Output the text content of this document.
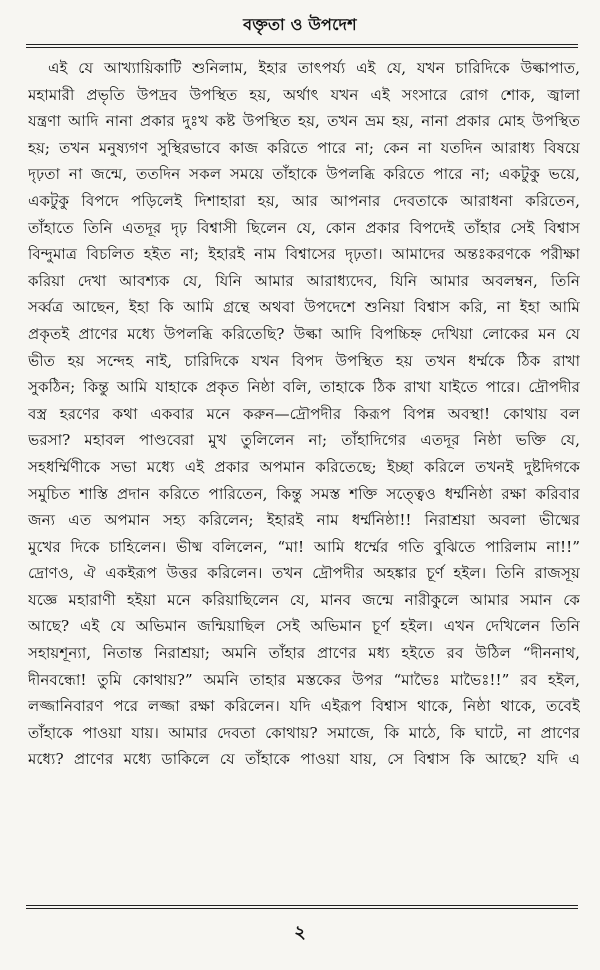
বক্তৃতা ও উপদেশ
এই যে আখ্যায়িকাটি শুনিলাম, ইহার তাৎপর্য্য এই যে, যখন চারিদিকে উল্কাপাত,
মহামারী প্রভৃতি উপদ্রব উপস্থিত হয়, অর্থাৎ যখন এই সংসারে রোগ শোক, জ্বালা
যন্ত্রণা আদি নানা প্রকার দুঃখ কষ্ট উপস্থিত হয়, তখন ভ্রম হয়, নানা প্রকার মোহ উপস্থিত
হয়; তখন মনুষ্যগণ সুস্থিরভাবে কাজ করিতে পারে না; কেন না যতদিন আরাধ্য বিষয়ে
দৃঢ়তা না জন্মে, ততদিন সকল সময়ে তাঁহাকে উপলব্ধি করিতে পারে না; একটুকু ভয়ে,
একটুকু বিপদে পড়িলেই দিশাহারা হয়, আর আপনার দেবতাকে আরাধনা করিতেন,
তাঁহাতে তিনি এতদূর দৃঢ় বিশ্বাসী ছিলেন যে, কোন প্রকার বিপদেই তাঁহার সেই বিশ্বাস
বিন্দুমাত্র বিচলিত হইত না; ইহারই নাম বিশ্বাসের দৃঢ়তা। আমাদের অন্তঃকরণকে পরীক্ষা
করিয়া দেখা আবশ্যক যে, যিনি আমার আরাধ্যদেব, যিনি আমার অবলম্বন, তিনি
সর্ব্বত্র আছেন, ইহা কি আমি গ্রন্থে অথবা উপদেশে শুনিয়া বিশ্বাস করি, না ইহা আমি
প্রকৃতই প্রাণের মধ্যে উপলব্ধি করিতেছি? উল্কা আদি বিপচ্চিহ্ন দেখিয়া লোকের মন যে
ভীত হয় সন্দেহ নাই, চারিদিকে যখন বিপদ উপস্থিত হয় তখন ধর্ম্মকে ঠিক রাখা
সুকঠিন; কিন্তু আমি যাহাকে প্রকৃত নিষ্ঠা বলি, তাহাকে ঠিক রাখা যাইতে পারে। দ্রৌপদীর
বস্ত্র হরণের কথা একবার মনে করুন—দ্রৌপদীর কিরূপ বিপন্ন অবস্থা! কোথায় বল
ভরসা? মহাবল পাণ্ডবেরা মুখ তুলিলেন না; তাঁহাদিগের এতদূর নিষ্ঠা ভক্তি যে,
সহধর্ম্মিণীকে সভা মধ্যে এই প্রকার অপমান করিতেছে; ইচ্ছা করিলে তখনই দুষ্টদিগকে
সমুচিত শাস্তি প্রদান করিতে পারিতেন, কিন্তু সমস্ত শক্তি সত্ত্বেও ধর্ম্মনিষ্ঠা রক্ষা করিবার
জন্য এত অপমান সহ্য করিলেন; ইহারই নাম ধর্ম্মনিষ্ঠা!! নিরাশ্রয়া অবলা ভীষ্মের
মুখের দিকে চাহিলেন। ভীষ্ম বলিলেন, “মা! আমি ধর্ম্মের গতি বুঝিতে পারিলাম না!!”
দ্রোণও, ঐ একইরূপ উত্তর করিলেন। তখন দ্রৌপদীর অহঙ্কার চূর্ণ হইল। তিনি রাজসূয়
যজ্ঞে মহারাণী হইয়া মনে করিয়াছিলেন যে, মানব জন্মে নারীকুলে আমার সমান কে
আছে? এই যে অভিমান জন্মিয়াছিল সেই অভিমান চূর্ণ হইল। এখন দেখিলেন তিনি
সহায়শূন্যা, নিতান্ত নিরাশ্রয়া; অমনি তাঁহার প্রাণের মধ্য হইতে রব উঠিল “দীননাথ,
দীনবন্ধো! তুমি কোথায়?” অমনি তাহার মস্তকের উপর “মাভৈঃ মাভৈঃ!!” রব হইল,
লজ্জানিবারণ পরে লজ্জা রক্ষা করিলেন। যদি এইরূপ বিশ্বাস থাকে, নিষ্ঠা থাকে, তবেই
তাঁহাকে পাওয়া যায়। আমার দেবতা কোথায়? সমাজে, কি মাঠে, কি ঘাটে, না প্রাণের
মধ্যে? প্রাণের মধ্যে ডাকিলে যে তাঁহাকে পাওয়া যায়, সে বিশ্বাস কি আছে? যদি এ
২
